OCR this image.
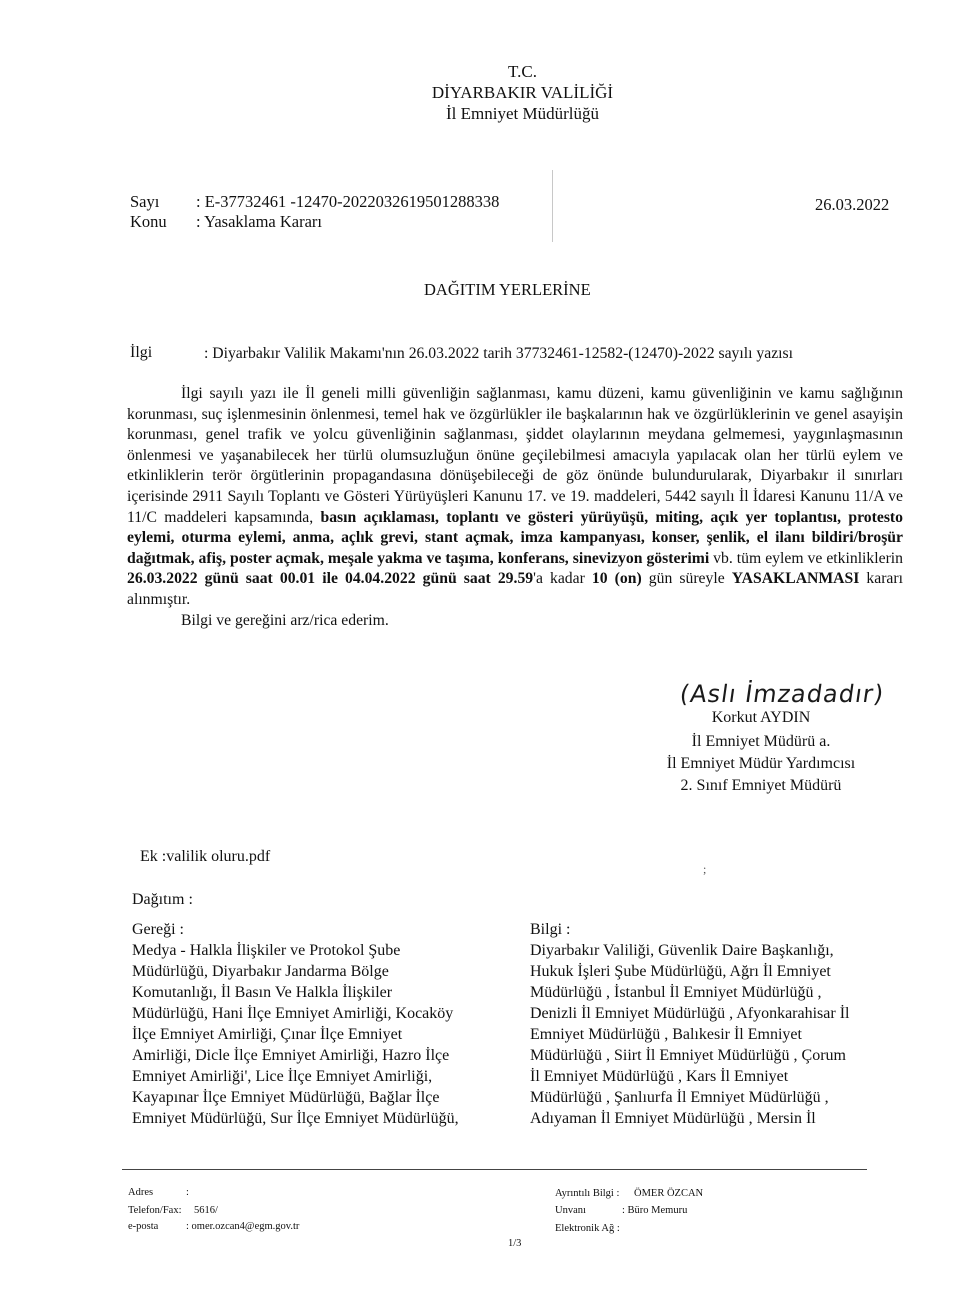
T.C.
DİYARBAKIR VALİLİĞİ
İl Emniyet Müdürlüğü
Sayı : E-37732461 -12470-2022032619501288338
Konu : Yasaklama Kararı
26.03.2022
DAĞITIM YERLERİNE
İlgi	: Diyarbakır Valilik Makamı'nın 26.03.2022 tarih 37732461-12582-(12470)-2022 sayılı yazısı

İlgi sayılı yazı ile İl geneli milli güvenliğin sağlanması, kamu düzeni, kamu güvenliğinin ve kamu sağlığının korunması, suç işlenmesinin önlenmesi, temel hak ve özgürlükler ile başkalarının hak ve özgürlüklerinin ve genel asayişin korunması, genel trafik ve yolcu güvenliğinin sağlanması, şiddet olaylarının meydana gelmemesi, yaygınlaşmasının önlenmesi ve yaşanabilecek her türlü olumsuzluğun önüne geçilebilmesi amacıyla yapılacak olan her türlü eylem ve etkinliklerin terör örgütlerinin propagandasına dönüşebileceği de göz önünde bulundurularak, Diyarbakır il sınırları içerisinde 2911 Sayılı Toplantı ve Gösteri Yürüyüşleri Kanunu 17. ve 19. maddeleri, 5442 sayılı İl İdaresi Kanunu 11/A ve 11/C maddeleri kapsamında, basın açıklaması, toplantı ve gösteri yürüyüşü, miting, açık yer toplantısı, protesto eylemi, oturma eylemi, anma, açlık grevi, stant açmak, imza kampanyası, konser, şenlik, el ilanı bildiri/broşür dağıtmak, afiş, poster açmak, meşale yakma ve taşıma, konferans, sinevizyon gösterimi vb. tüm eylem ve etkinliklerin 26.03.2022 günü saat 00.01 ile 04.04.2022 günü saat 29.59'a kadar 10 (on) gün süreyle YASAKLANMASI kararı alınmıştır.

Bilgi ve gereğini arz/rica ederim.

(Aslı İmzadadır)
Korkut AYDIN
İl Emniyet Müdürü a.
İl Emniyet Müdür Yardımcısı
2. Sınıf Emniyet Müdürü
Ek :valilik oluru.pdf
;
Dağıtım :
Gereği :
Medya - Halkla İlişkiler ve Protokol Şube
Müdürlüğü, Diyarbakır Jandarma Bölge
Komutanlığı, İl Basın Ve Halkla İlişkiler
Müdürlüğü, Hani İlçe Emniyet Amirliği, Kocaköy
İlçe Emniyet Amirliği, Çınar İlçe Emniyet
Amirliği, Dicle İlçe Emniyet Amirliği, Hazro İlçe
Emniyet Amirliği', Lice İlçe Emniyet Amirliği,
Kayapınar İlçe Emniyet Müdürlüğü, Bağlar İlçe
Emniyet Müdürlüğü, Sur İlçe Emniyet Müdürlüğü,
Bilgi :
Diyarbakır Valiliği, Güvenlik Daire Başkanlığı,
Hukuk İşleri Şube Müdürlüğü, Ağrı İl Emniyet
Müdürlüğü , İstanbul İl Emniyet Müdürlüğü ,
Denizli İl Emniyet Müdürlüğü , Afyonkarahisar İl
Emniyet Müdürlüğü , Balıkesir İl Emniyet
Müdürlüğü , Siirt İl Emniyet Müdürlüğü , Çorum
İl Emniyet Müdürlüğü , Kars İl Emniyet
Müdürlüğü , Şanlıurfa İl Emniyet Müdürlüğü ,
Adıyaman İl Emniyet Müdürlüğü , Mersin İl
Adres	:
Telefon/Fax: 5616/
e-posta	: omer.ozcan4@egm.gov.tr
Ayrıntılı Bilgi : ÖMER ÖZCAN
Unvanı	: Büro Memuru
Elektronik Ağ :
1/3
